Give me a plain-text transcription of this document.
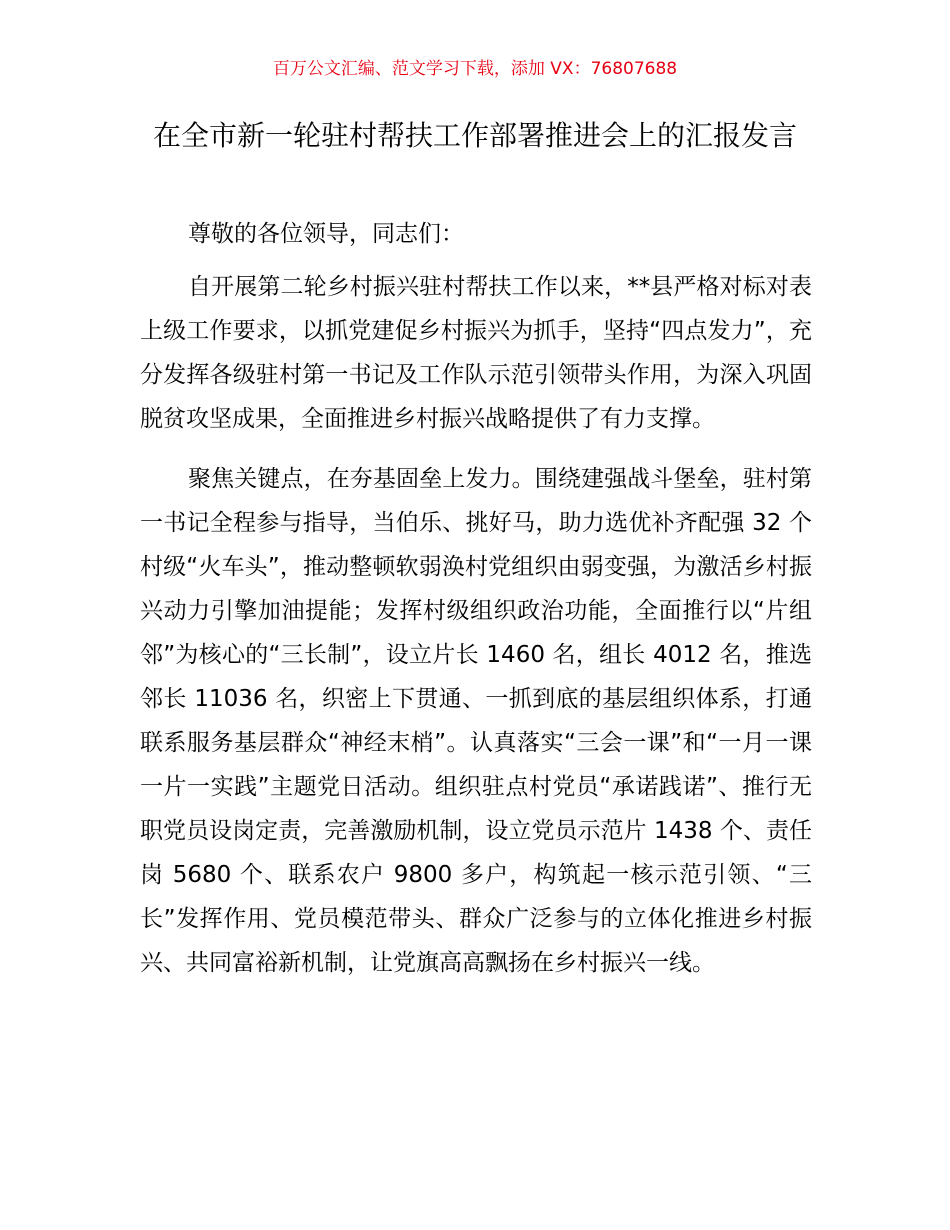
百万公文汇编、范文学习下载，添加 VX：76807688
在全市新一轮驻村帮扶工作部署推进会上的汇报发言

尊敬的各位领导，同志们：

自开展第二轮乡村振兴驻村帮扶工作以来，**县严格对标对表上级工作要求，以抓党建促乡村振兴为抓手，坚持“四点发力”，充分发挥各级驻村第一书记及工作队示范引领带头作用，为深入巩固脱贫攻坚成果，全面推进乡村振兴战略提供了有力支撑。

聚焦关键点，在夯基固垒上发力。围绕建强战斗堡垒，驻村第一书记全程参与指导，当伯乐、挑好马，助力选优补齐配强 32 个村级“火车头”，推动整顿软弱涣村党组织由弱变强，为激活乡村振兴动力引擎加油提能；发挥村级组织政治功能，全面推行以“片组邻”为核心的“三长制”，设立片长 1460 名，组长 4012 名，推选邻长 11036 名，织密上下贯通、一抓到底的基层组织体系，打通联系服务基层群众“神经末梢”。认真落实“三会一课”和“一月一课一片一实践”主题党日活动。组织驻点村党员“承诺践诺”、推行无职党员设岗定责，完善激励机制，设立党员示范片 1438 个、责任岗 5680 个、联系农户 9800 多户，构筑起一核示范引领、“三长”发挥作用、党员模范带头、群众广泛参与的立体化推进乡村振兴、共同富裕新机制，让党旗高高飘扬在乡村振兴一线。
